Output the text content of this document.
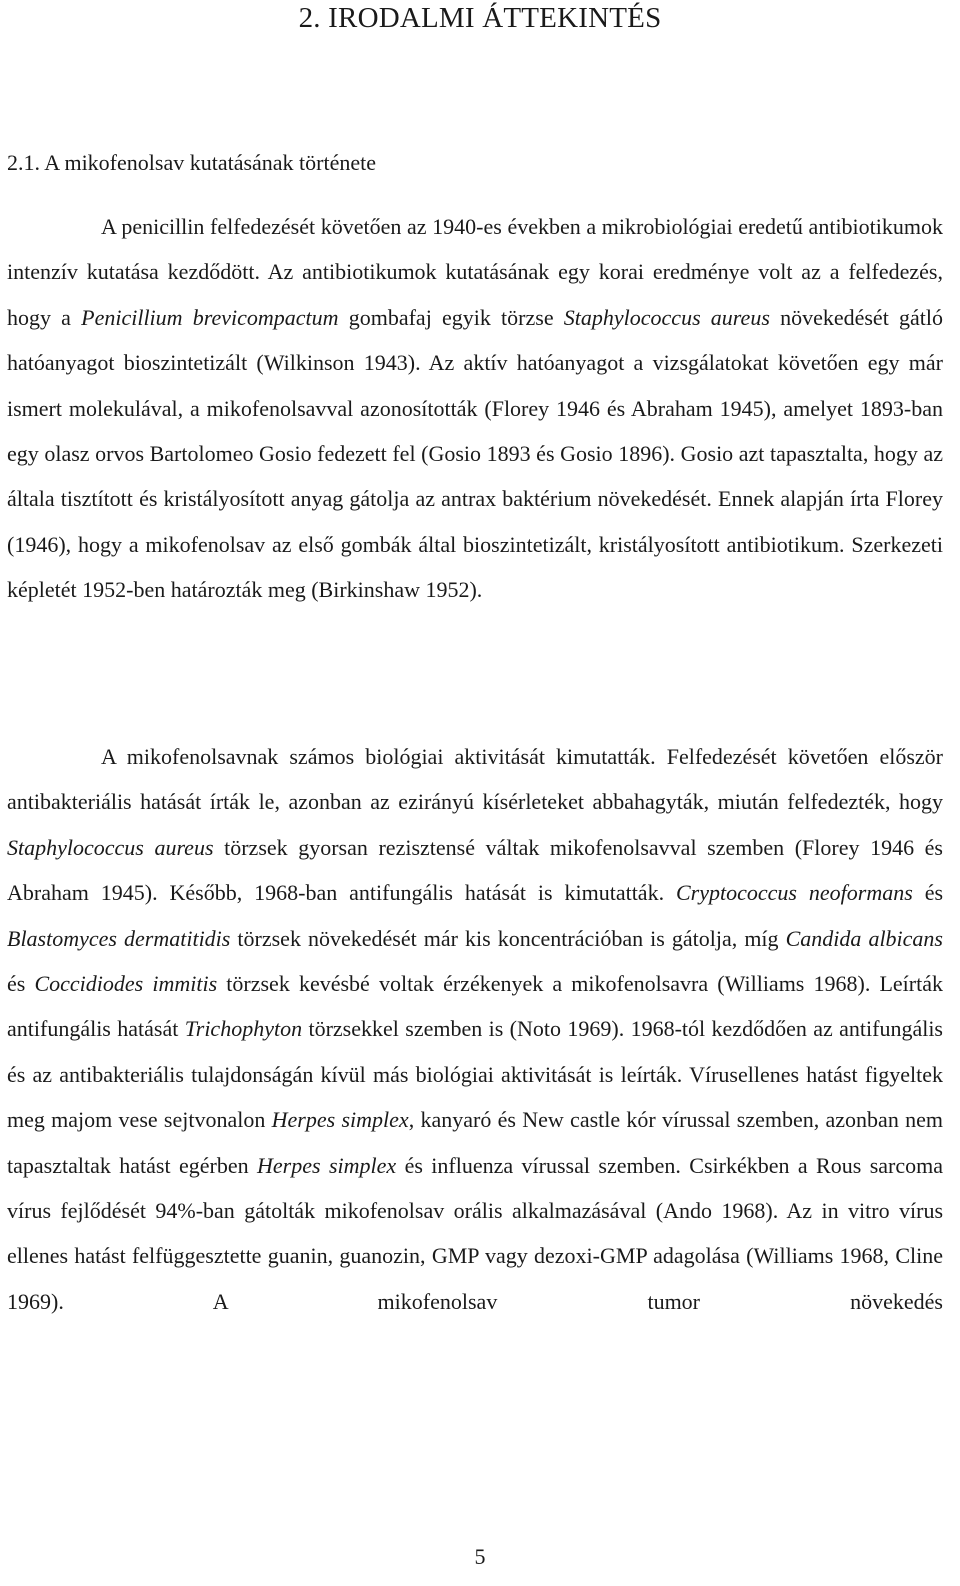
2. IRODALMI ÁTTEKINTÉS
2.1. A mikofenolsav kutatásának története

A penicillin felfedezését követően az 1940-es években a mikrobiológiai eredetű antibiotikumok intenzív kutatása kezdődött. Az antibiotikumok kutatásának egy korai eredménye volt az a felfedezés, hogy a Penicillium brevicompactum gombafaj egyik törzse Staphylococcus aureus növekedését gátló hatóanyagot bioszintetizált (Wilkinson 1943). Az aktív hatóanyagot a vizsgálatokat követően egy már ismert molekulával, a mikofenolsavval azonosították (Florey 1946 és Abraham 1945), amelyet 1893-ban egy olasz orvos Bartolomeo Gosio fedezett fel (Gosio 1893 és Gosio 1896). Gosio azt tapasztalta, hogy az általa tisztított és kristályosított anyag gátolja az antrax baktérium növekedését. Ennek alapján írta Florey (1946), hogy a mikofenolsav az első gombák által bioszintetizált, kristályosított antibiotikum. Szerkezeti képletét 1952-ben határozták meg (Birkinshaw 1952).

A mikofenolsavnak számos biológiai aktivitását kimutatták. Felfedezését követően először antibakteriális hatását írták le, azonban az ezirányú kísérleteket abbahagyták, miután felfedezték, hogy Staphylococcus aureus törzsek gyorsan rezisztensé váltak mikofenolsavval szemben (Florey 1946 és Abraham 1945). Később, 1968-ban antifungális hatását is kimutatták. Cryptococcus neoformans és Blastomyces dermatitidis törzsek növekedését már kis koncentrációban is gátolja, míg Candida albicans és Coccidiodes immitis törzsek kevésbé voltak érzékenyek a mikofenolsavra (Williams 1968). Leírták antifungális hatását Trichophyton törzsekkel szemben is (Noto 1969). 1968-tól kezdődően az antifungális és az antibakteriális tulajdonságán kívül más biológiai aktivitását is leírták. Vírusellenes hatást figyeltek meg majom vese sejtvonalon Herpes simplex, kanyaró és New castle kór vírussal szemben, azonban nem tapasztaltak hatást egérben Herpes simplex és influenza vírussal szemben. Csirkékben a Rous sarcoma vírus fejlődését 94%-ban gátolták mikofenolsav orális alkalmazásával (Ando 1968). Az in vitro vírus ellenes hatást felfüggesztette guanin, guanozin, GMP vagy dezoxi-GMP adagolása (Williams 1968, Cline 1969). A mikofenolsav tumor növekedés

5
